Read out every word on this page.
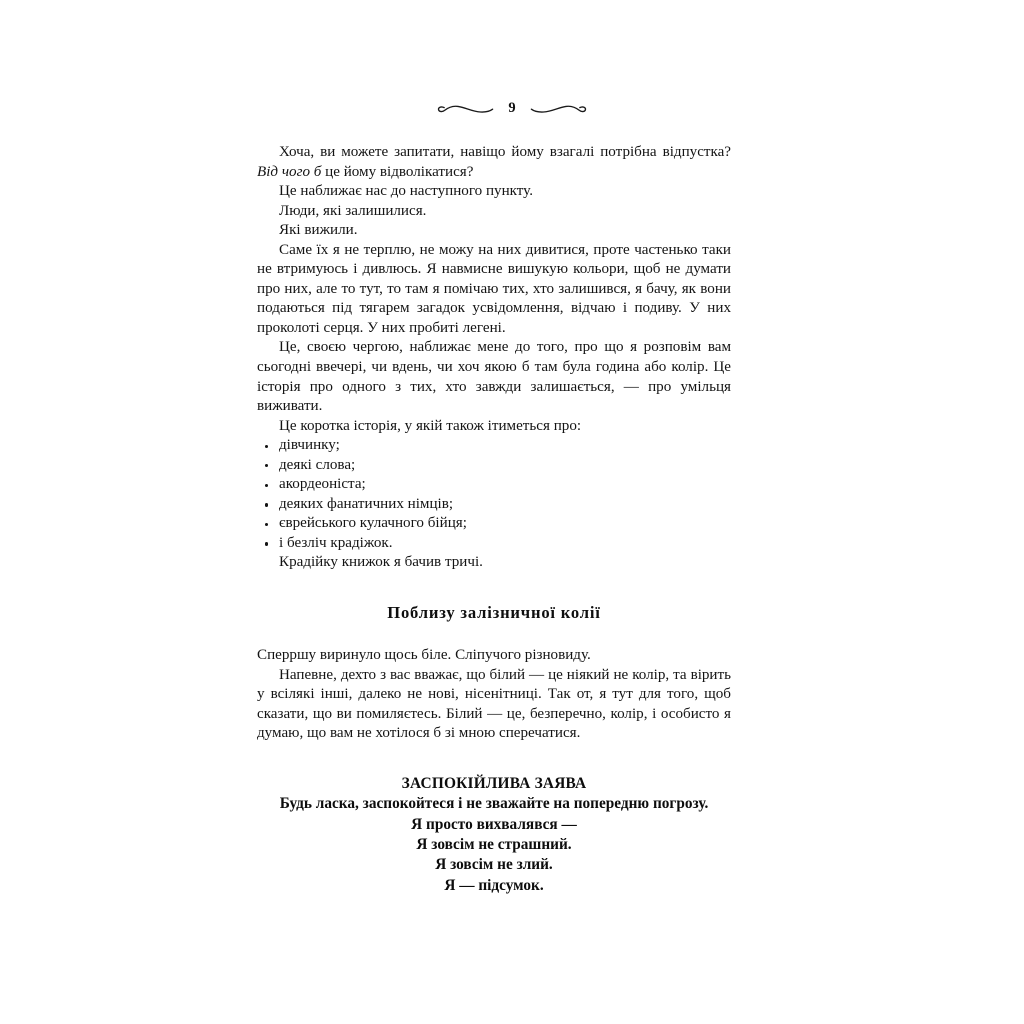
9

Хоча, ви можете запитати, навіщо йому взагалі потрібна відпустка? Від чого б це йому відволікатися?

Це наближає нас до наступного пункту.

Люди, які залишилися.

Які вижили.

Саме їх я не терплю, не можу на них дивитися, проте частенько таки не втримуюсь і дивлюсь. Я навмисне вишукую кольори, щоб не думати про них, але то тут, то там я помічаю тих, хто залишився, я бачу, як вони подаються під тягарем загадок усвідомлення, відчаю і подиву. У них проколоті серця. У них пробиті легені.

Це, своєю чергою, наближає мене до того, про що я розповім вам сьогодні ввечері, чи вдень, чи хоч якою б там була година або колір. Це історія про одного з тих, хто завжди залишається, — про умільця виживати.

Це коротка історія, у якій також ітиметься про:

дівчинку;
деякі слова;
акордеоніста;
деяких фанатичних німців;
єврейського кулачного бійця;
і безліч крадіжок.

Крадійку книжок я бачив тричі.

Поблизу залізничної колії

Сперршу виринуло щось біле. Сліпучого різновиду.

Напевне, дехто з вас вважає, що білий — це ніякий не колір, та вірить у всілякі інші, далеко не нові, нісенітниці. Так от, я тут для того, щоб сказати, що ви помиляєтесь. Білий — це, безперечно, колір, і особисто я думаю, що вам не хотілося б зі мною сперечатися.

ЗАСПОКІЙЛИВА ЗАЯВА
Будь ласка, заспокойтеся і не зважайте на попередню погрозу.
Я просто вихвалявся —
Я зовсім не страшний.
Я зовсім не злий.
Я — підсумок.
